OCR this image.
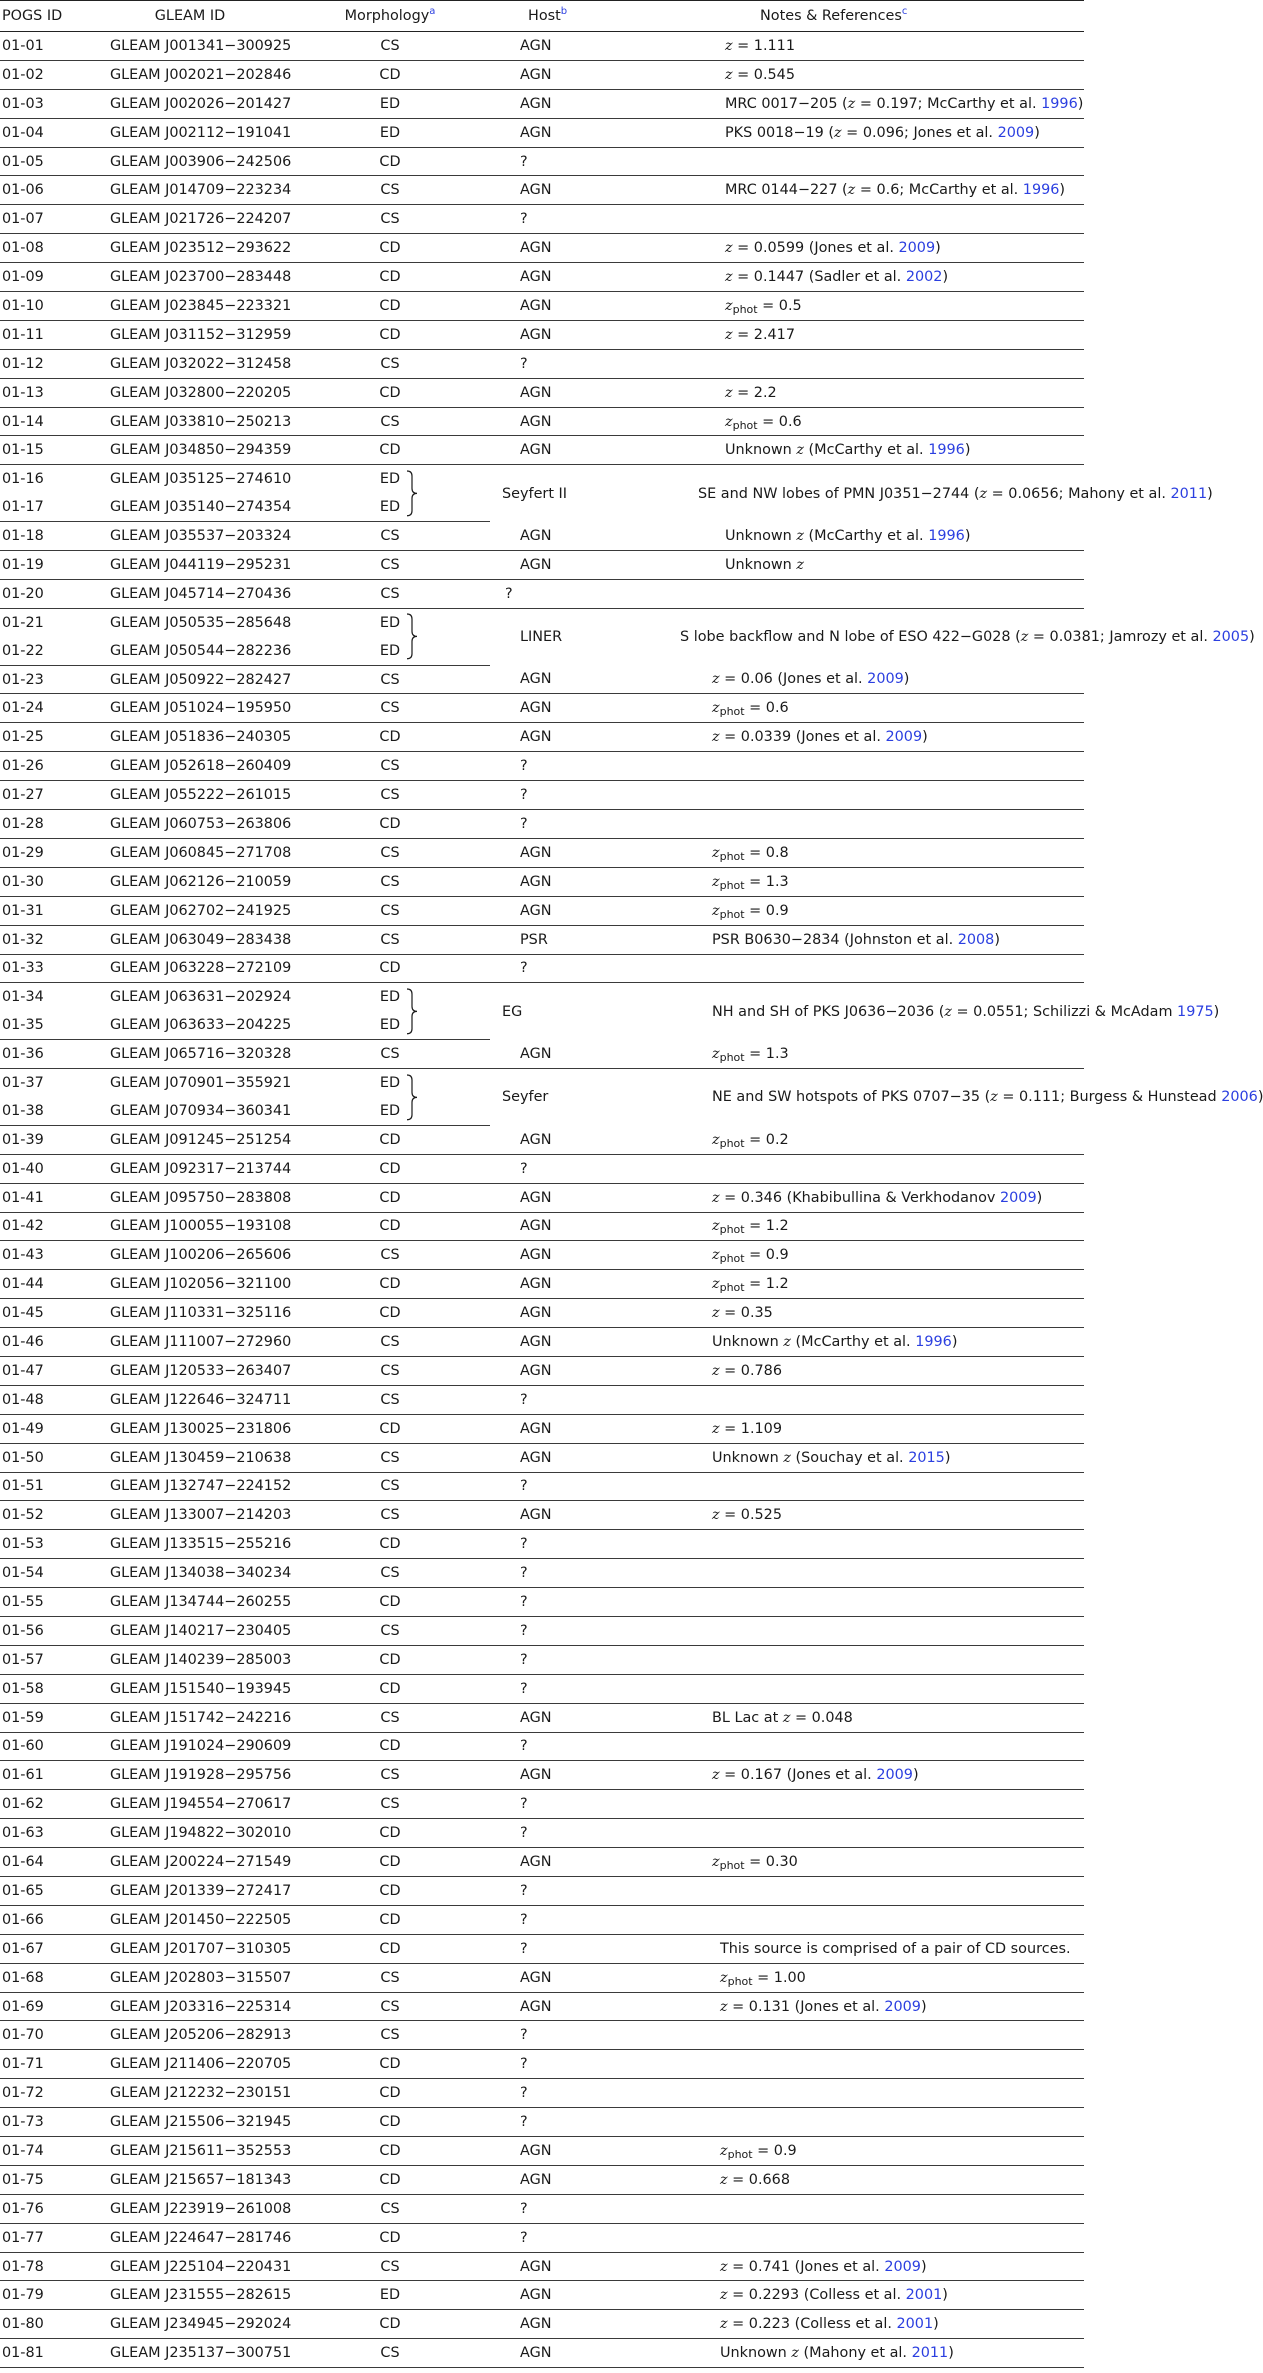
POGS ID	GLEAM ID	Morphology$^a$	Host$^b$	Notes & References$^c$
01-01	GLEAM J001341−300925	CS	AGN	z = 1.111
01-02	GLEAM J002021−202846	CD	AGN	z = 0.545
01-03	GLEAM J002026−201427	ED	AGN	MRC 0017−205 (z = 0.197; McCarthy et al. 1996)
01-04	GLEAM J002112−191041	ED	AGN	PKS 0018−19 (z = 0.096; Jones et al. 2009)
01-05	GLEAM J003906−242506	CD	?	
01-06	GLEAM J014709−223234	CS	AGN	MRC 0144−227 (z = 0.6; McCarthy et al. 1996)
01-07	GLEAM J021726−224207	CS	?	
01-08	GLEAM J023512−293622	CD	AGN	z = 0.0599 (Jones et al. 2009)
01-09	GLEAM J023700−283448	CD	AGN	z = 0.1447 (Sadler et al. 2002)
01-10	GLEAM J023845−223321	CD	AGN	$z_{phot} = 0.5$
01-11	GLEAM J031152−312959	CD	AGN	z = 2.417
01-12	GLEAM J032022−312458	CS	?	
01-13	GLEAM J032800−220205	CD	AGN	z = 2.2
01-14	GLEAM J033810−250213	CS	AGN	$z_{phot} = 0.6$
01-15	GLEAM J034850−294359	CD	AGN	Unknown z (McCarthy et al. 1996)
01-16	GLEAM J035125−274610	ED	Seyfert II	SE and NW lobes of PMN J0351−2744 (z = 0.0656; Mahony et al. 2011)
01-17	GLEAM J035140−274354	ED		
01-18	GLEAM J035537−203324	CS	AGN	Unknown z (McCarthy et al. 1996)
01-19	GLEAM J044119−295231	CS	AGN	Unknown z
01-20	GLEAM J045714−270436	CS	?	
01-21	GLEAM J050535−285648	ED	LINER	S lobe backflow and N lobe of ESO 422−G028 (z = 0.0381; Jamrozy et al. 2005)
01-22	GLEAM J050544−282236	ED		
01-23	GLEAM J050922−282427	CS	AGN	z = 0.06 (Jones et al. 2009)
01-24	GLEAM J051024−195950	CS	AGN	$z_{phot} = 0.6$
01-25	GLEAM J051836−240305	CD	AGN	z = 0.0339 (Jones et al. 2009)
01-26	GLEAM J052618−260409	CS	?	
01-27	GLEAM J055222−261015	CS	?	
01-28	GLEAM J060753−263806	CD	?	
01-29	GLEAM J060845−271708	CS	AGN	$z_{phot} = 0.8$
01-30	GLEAM J062126−210059	CS	AGN	$z_{phot} = 1.3$
01-31	GLEAM J062702−241925	CS	AGN	$z_{phot} = 0.9$
01-32	GLEAM J063049−283438	CS	PSR	PSR B0630−2834 (Johnston et al. 2008)
01-33	GLEAM J063228−272109	CD	?	
01-34	GLEAM J063631−202924	ED	EG	NH and SH of PKS J0636−2036 (z = 0.0551; Schilizzi & McAdam 1975)
01-35	GLEAM J063633−204225	ED		
01-36	GLEAM J065716−320328	CS	AGN	$z_{phot} = 1.3$
01-37	GLEAM J070901−355921	ED	Seyfer	NE and SW hotspots of PKS 0707−35 (z = 0.111; Burgess & Hunstead 2006)
01-38	GLEAM J070934−360341	ED		
01-39	GLEAM J091245−251254	CD	AGN	$z_{phot} = 0.2$
01-40	GLEAM J092317−213744	CD	?	
01-41	GLEAM J095750−283808	CD	AGN	z = 0.346 (Khabibullina & Verkhodanov 2009)
01-42	GLEAM J100055−193108	CD	AGN	$z_{phot} = 1.2$
01-43	GLEAM J100206−265606	CS	AGN	$z_{phot} = 0.9$
01-44	GLEAM J102056−321100	CD	AGN	$z_{phot} = 1.2$
01-45	GLEAM J110331−325116	CD	AGN	z = 0.35
01-46	GLEAM J111007−272960	CS	AGN	Unknown z (McCarthy et al. 1996)
01-47	GLEAM J120533−263407	CS	AGN	z = 0.786
01-48	GLEAM J122646−324711	CS	?	
01-49	GLEAM J130025−231806	CD	AGN	z = 1.109
01-50	GLEAM J130459−210638	CS	AGN	Unknown z (Souchay et al. 2015)
01-51	GLEAM J132747−224152	CS	?	
01-52	GLEAM J133007−214203	CS	AGN	z = 0.525
01-53	GLEAM J133515−255216	CD	?	
01-54	GLEAM J134038−340234	CS	?	
01-55	GLEAM J134744−260255	CD	?	
01-56	GLEAM J140217−230405	CS	?	
01-57	GLEAM J140239−285003	CD	?	
01-58	GLEAM J151540−193945	CD	?	
01-59	GLEAM J151742−242216	CS	AGN	BL Lac at z = 0.048
01-60	GLEAM J191024−290609	CD	?	
01-61	GLEAM J191928−295756	CS	AGN	z = 0.167 (Jones et al. 2009)
01-62	GLEAM J194554−270617	CS	?	
01-63	GLEAM J194822−302010	CD	?	
01-64	GLEAM J200224−271549	CD	AGN	$z_{phot} = 0.30$
01-65	GLEAM J201339−272417	CD	?	
01-66	GLEAM J201450−222505	CD	?	
01-67	GLEAM J201707−310305	CD	?	This source is comprised of a pair of CD sources.
01-68	GLEAM J202803−315507	CS	AGN	$z_{phot} = 1.00$
01-69	GLEAM J203316−225314	CS	AGN	z = 0.131 (Jones et al. 2009)
01-70	GLEAM J205206−282913	CS	?	
01-71	GLEAM J211406−220705	CD	?	
01-72	GLEAM J212232−230151	CD	?	
01-73	GLEAM J215506−321945	CD	?	
01-74	GLEAM J215611−352553	CD	AGN	$z_{phot} = 0.9$
01-75	GLEAM J215657−181343	CD	AGN	z = 0.668
01-76	GLEAM J223919−261008	CS	?	
01-77	GLEAM J224647−281746	CD	?	
01-78	GLEAM J225104−220431	CS	AGN	z = 0.741 (Jones et al. 2009)
01-79	GLEAM J231555−282615	ED	AGN	z = 0.2293 (Colless et al. 2001)
01-80	GLEAM J234945−292024	CD	AGN	z = 0.223 (Colless et al. 2001)
01-81	GLEAM J235137−300751	CS	AGN	Unknown z (Mahony et al. 2011)
